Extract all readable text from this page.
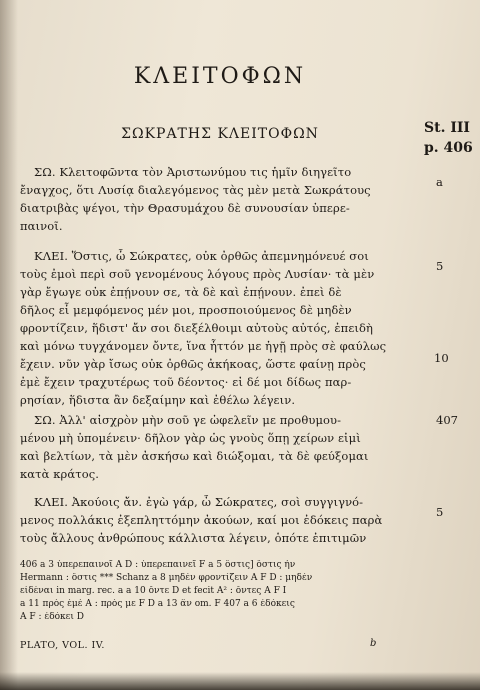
ΚΛΕΙΤΟΦΩΝ
ΣΩΚΡΑΤΗΣ ΚΛΕΙΤΟΦΩΝ	St. III
p. 406
ΣΩ. Κλειτοφῶντα τὸν Ἀριστωνύμου τις ἡμῖν διηγεῖτο
ἔναγχος, ὅτι Λυσίᾳ διαλεγόμενος τὰς μὲν μετὰ Σωκράτους
διατριβὰς ψέγοι, τὴν Θρασυμάχου δὲ συνουσίαν ὑπερε-
παινοῖ.
ΚΛΕΙ. Ὅστις, ὦ Σώκρατες, οὐκ ὀρθῶς ἀπεμνημόνευέ σοι
τοὺς ἐμοὶ περὶ σοῦ γενομένους λόγους πρὸς Λυσίαν· τὰ μὲν
γὰρ ἔγωγε οὐκ ἐπῄνουν σε, τὰ δὲ καὶ ἐπῄνουν. ἐπεὶ δὲ
δῆλος εἶ μεμφόμενος μέν μοι, προσποιούμενος δὲ μηδὲν
φροντίζειν, ἥδιστ' ἄν σοι διεξέλθοιμι αὐτοὺς αὐτός, ἐπειδὴ
καὶ μόνω τυγχάνομεν ὄντε, ἵνα ἧττόν με ἡγῇ πρὸς σὲ φαύλως
ἔχειν. νῦν γὰρ ἴσως οὐκ ὀρθῶς ἀκήκοας, ὥστε φαίνῃ πρὸς
ἐμὲ ἔχειν τραχυτέρως τοῦ δέοντος· εἰ δέ μοι δίδως παρ-
ρησίαν, ἥδιστα ἂν δεξαίμην καὶ ἐθέλω λέγειν.
ΣΩ. Ἀλλ' αἰσχρὸν μὴν σοῦ γε ὠφελεῖν με προθυμου-
μένου μὴ ὑπομένειν· δῆλον γὰρ ὡς γνοὺς ὅπῃ χείρων εἰμὶ
καὶ βελτίων, τὰ μὲν ἀσκήσω καὶ διώξομαι, τὰ δὲ φεύξομαι
κατὰ κράτος.
ΚΛΕΙ. Ἀκούοις ἄν. ἐγὼ γάρ, ὦ Σώκρατες, σοὶ συγγιγνό-
μενος πολλάκις ἐξεπληττόμην ἀκούων, καί μοι ἐδόκεις παρὰ
τοὺς ἄλλους ἀνθρώπους κάλλιστα λέγειν, ὁπότε ἐπιτιμῶν
a
5
10
407
5
406 a 3 ὑπερεπαινοῖ A D : ὑπερεπαινεῖ F a 5 ὅστις] ὅστις ἦν
Hermann : ὅστις *** Schanz a 8 μηδὲν φροντίζειν A F D : μηδὲν
εἰδέναι in marg. rec. a a 10 ὄντε D et fecit A² : ὄντες A F I
a 11 πρὸς ἐμὲ A : πρὸς με F D a 13 ἂν om. F 407 a 6 ἐδόκεις
A F : ἐδόκει D
PLATO, VOL. IV.	b
